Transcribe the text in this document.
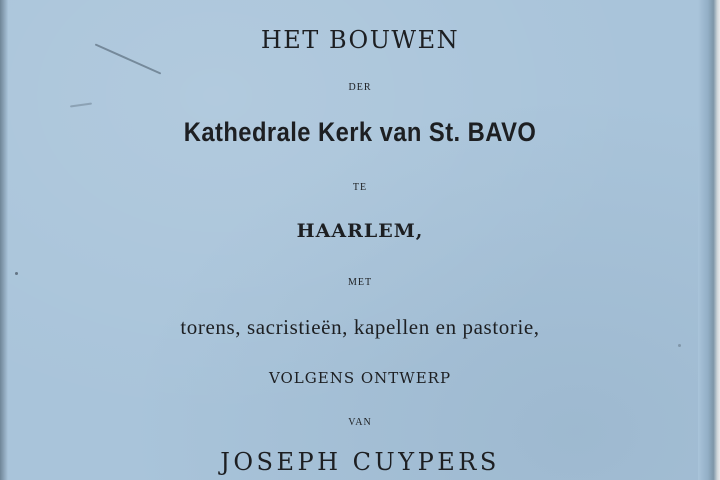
HET BOUWEN
DER
Kathedrale Kerk van St. BAVO
TE
HAARLEM,
MET
torens, sacristieën, kapellen en pastorie,
VOLGENS ONTWERP
VAN
JOSEPH CUYPERS
